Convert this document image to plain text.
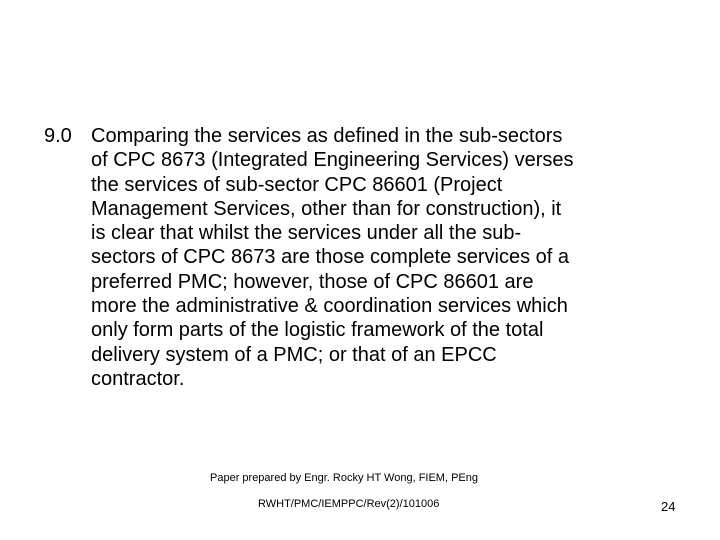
9.0 Comparing the services as defined in the sub-sectors
of CPC 8673 (Integrated Engineering Services) verses
the services of sub-sector CPC 86601 (Project
Management Services, other than for construction), it
is clear that whilst the services under all the sub-
sectors of CPC 8673 are those complete services of a
preferred PMC; however, those of CPC 86601 are
more the administrative & coordination services which
only form parts of the logistic framework of the total
delivery system of a PMC; or that of an EPCC
contractor.
Paper prepared by Engr. Rocky HT Wong, FIEM, PEng
RWHT/PMC/IEMPPC/Rev(2)/101006	24
